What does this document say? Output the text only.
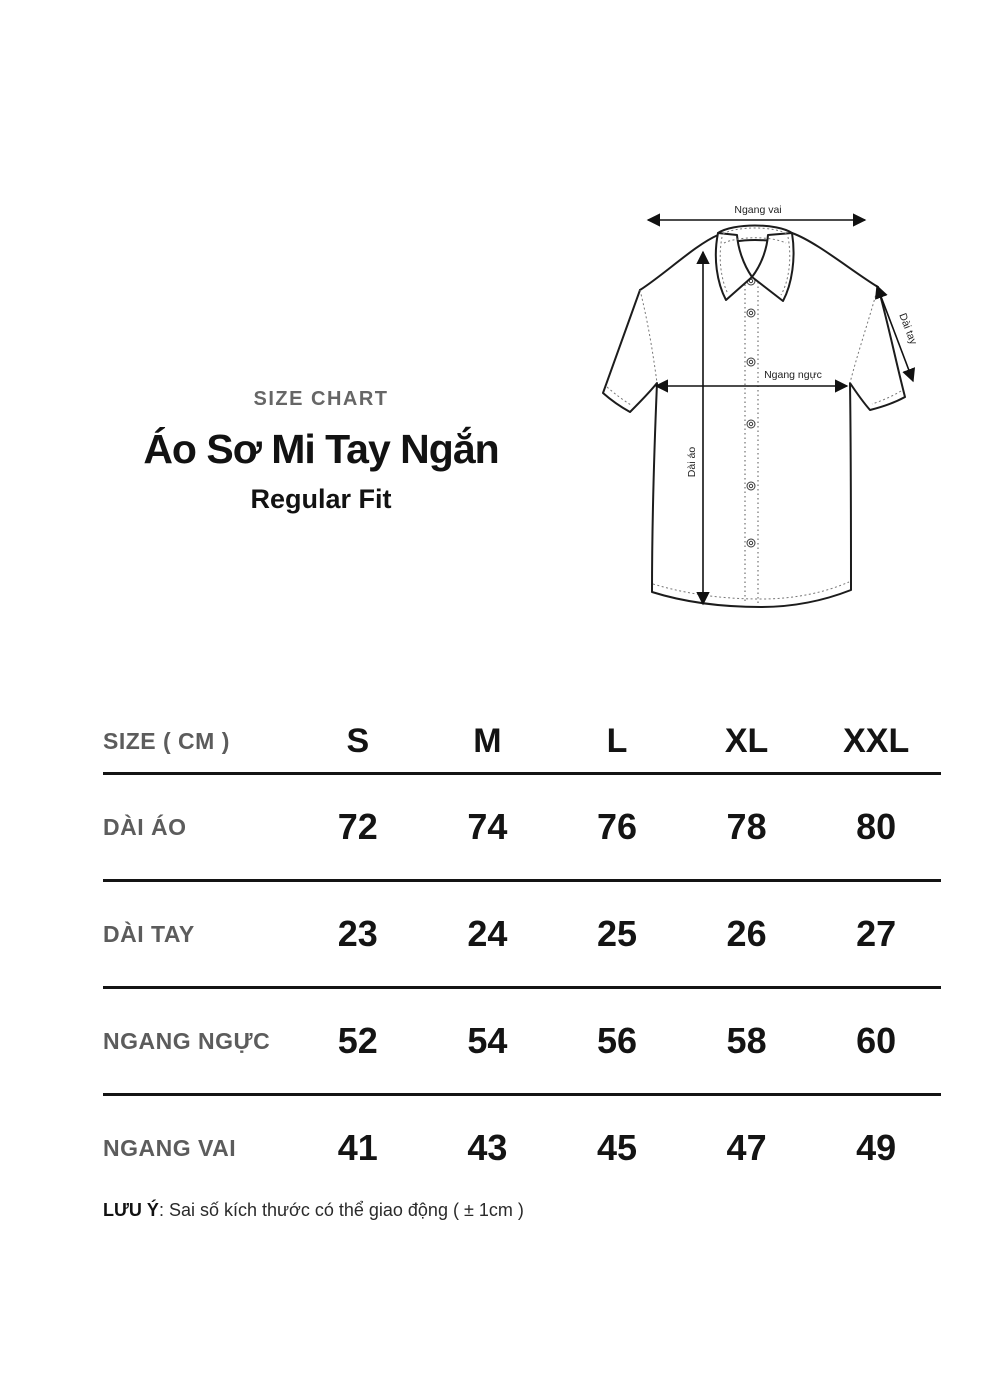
SIZE CHART
Áo Sơ Mi Tay Ngắn
Regular Fit
Ngang vai
Ngang ngực
Dài áo
Dài tay
SIZE ( CM )	S	M	L	XL	XXL
DÀI ÁO	72	74	76	78	80
DÀI TAY	23	24	25	26	27
NGANG NGỰC	52	54	56	58	60
NGANG VAI	41	43	45	47	49

LƯU Ý: Sai số kích thước có thể giao động ( ± 1cm )
